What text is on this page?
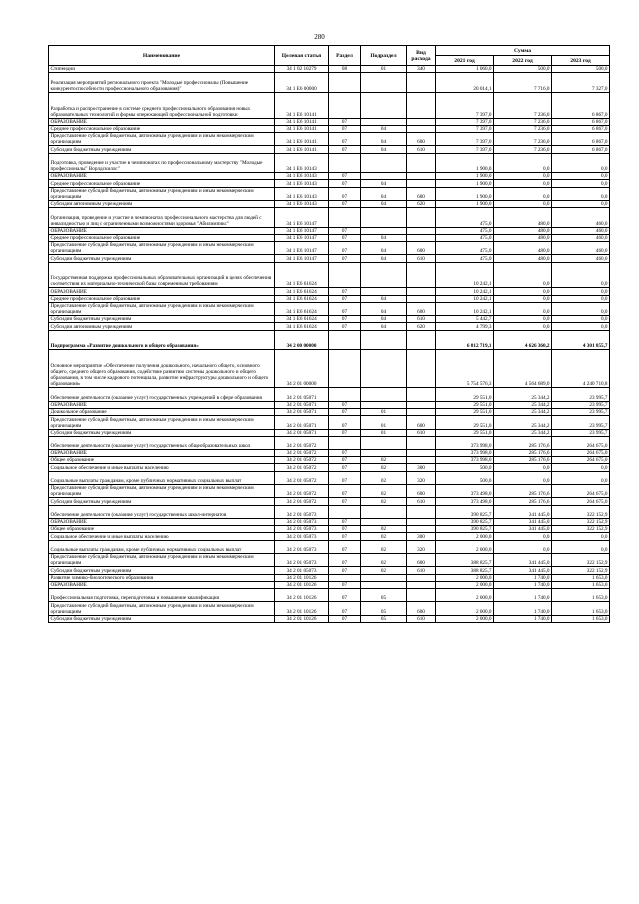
280
Наименование	Целевая статья	Раздел	Подраздел	Вид расхода	Сумма		
					2021 год	2022 год	2023 год
Стипендии	34 1 02 10279	08	01	340	1 060,0	500,0	500,0
Реализация мероприятий регионального проекта "Молодые профессионалы (Повышение конкурентоспособности профессионального образования)"	34 1 Е6 00000				20 014,1	7 716,0	7 327,0
Разработка и распространение в системе среднего профессионального образования новых образовательных технологий и формы опережающей профессиональной подготовки	34 1 Е6 10141				7 397,0	7 236,0	6 867,0
ОБРАЗОВАНИЕ	34 1 Е6 10141	07			7 397,0	7 236,0	6 867,0
Среднее профессиональное образование	34 1 Е6 10141	07	04		7 397,0	7 236,0	6 867,0
Предоставление субсидий бюджетным, автономным учреждениям и иным некоммерческим организациям	34 1 Е6 10141	07	04	600	7 397,0	7 236,0	6 867,0
Субсидии бюджетным учреждениям	34 1 Е6 10141	07	04	610	7 397,0	7 236,0	6 867,0
Подготовка, проведение и участие в чемпионатах по профессиональному мастерству "Молодые профессионалы" Ворлдскиллс"	34 1 Е6 10143				1 900,0	0,0	0,0
ОБРАЗОВАНИЕ	34 1 Е6 10143	07			1 900,0	0,0	0,0
Среднее профессиональное образование	34 1 Е6 10143	07	04		1 900,0	0,0	0,0
Предоставление субсидий бюджетным, автономным учреждениям и иным некоммерческим организациям	34 1 Е6 10143	07	04	600	1 900,0	0,0	0,0
Субсидии автономным учреждениям	34 1 Е6 10143	07	04	620	1 900,0	0,0	0,0
Организация, проведение и участие в чемпионатах профессионального мастерства для людей с инвалидностью и лиц с ограниченными возможностями здоровья "Абилимпикс"	34 1 Е6 10147				475,0	480,0	460,0
ОБРАЗОВАНИЕ	34 1 Е6 10147	07			475,0	480,0	460,0
Среднее профессиональное образование	34 1 Е6 10147	07	04		475,0	480,0	460,0
Предоставление субсидий бюджетным, автономным учреждениям и иным некоммерческим организациям	34 1 Е6 10147	07	04	600	475,0	480,0	460,0
Субсидии бюджетным учреждениям	34 1 Е6 10147	07	04	610	475,0	480,0	460,0
Государственная поддержка профессиональных образовательных организаций в целях обеспечения соответствия их материально-технической базы современным требованиям	34 1 Е6 61624				10 242,1	0,0	0,0
ОБРАЗОВАНИЕ	34 1 Е6 61624	07			10 242,1	0,0	0,0
Среднее профессиональное образование	34 1 Е6 61624	07	04		10 242,1	0,0	0,0
Предоставление субсидий бюджетным, автономным учреждениям и иным некоммерческим организациям	34 1 Е6 61624	07	04	600	10 242,1	0,0	0,0
Субсидии бюджетным учреждениям	34 1 Е6 61624	07	04	610	5 442,7	0,0	0,0
Субсидии автономным учреждениям	34 1 Е6 61624	07	04	620	4 799,3	0,0	0,0
Подпрограмма «Развитие дошкольного и общего образования»	34 2 00 00000				6 812 719,1	4 626 360,2	4 301 855,7
Основное мероприятие «Обеспечение получения дошкольного, начального общего, основного общего, среднего общего образования, содействие развитию системы дошкольного и общего образования, в том числе кадрового потенциала, развитие инфраструктуры дошкольного и общего образования»	34 2 01 00000				5 754 576,3	4 564 689,0	4 240 710,8
Обеспечение деятельности (оказание услуг) государственных учреждений в сфере образования	34 2 01 05071				29 551,0	25 344,2	23 995,7
ОБРАЗОВАНИЕ	34 2 01 05071	07			29 551,0	25 344,2	23 995,7
Дошкольное образование	34 2 01 05071	07	01		29 551,0	25 344,2	23 995,7
Предоставление субсидий бюджетным, автономным учреждениям и иным некоммерческим организациям	34 2 01 05071	07	01	600	29 551,0	25 344,2	23 995,7
Субсидии бюджетным учреждениям	34 2 01 05071	07	01	610	29 551,0	25 344,2	23 995,7
Обеспечение деятельности (оказание услуг) государственных общеобразовательных школ	34 2 01 05072				373 998,0	285 176,6	264 675,0
ОБРАЗОВАНИЕ	34 2 01 05072	07			373 998,0	285 176,6	264 675,0
Общее образование	34 2 01 05072	07	02		373 998,0	285 176,6	264 675,0
Социальное обеспечение и иные выплаты населению	34 2 01 05072	07	02	300	500,0	0,0	0,0
Социальные выплаты гражданам, кроме публичных нормативных социальных выплат	34 2 01 05072	07	02	320	500,0	0,0	0,0
Предоставление субсидий бюджетным, автономным учреждениям и иным некоммерческим организациям	34 2 01 05072	07	02	600	373 498,0	285 176,6	264 675,0
Субсидии бюджетным учреждениям	34 2 01 05072	07	02	610	373 498,0	285 176,6	264 675,0
Обеспечение деятельности (оказание услуг) государственных школ-интернатов	34 2 01 05073				390 825,7	341 445,0	322 152,9
ОБРАЗОВАНИЕ	34 2 01 05073	07			390 825,7	341 445,0	322 152,9
Общее образование	34 2 01 05073	07	02		390 825,7	341 445,0	322 152,9
Социальное обеспечение и иные выплаты населению	34 2 01 05073	07	02	300	2 000,0	0,0	0,0
Социальные выплаты гражданам, кроме публичных нормативных социальных выплат	34 2 01 05073	07	02	320	2 000,0	0,0	0,0
Предоставление субсидий бюджетным, автономным учреждениям и иным некоммерческим организациям	34 2 01 05073	07	02	600	388 825,7	341 445,0	322 152,9
Субсидии бюджетным учреждениям	34 2 01 05073	07	02	610	388 825,7	341 445,0	322 152,9
Развитие химико-биологического образования	34 2 01 10126				2 000,0	1 740,0	1 653,0
ОБРАЗОВАНИЕ	34 2 01 10126	07			2 000,0	1 740,0	1 653,0
Профессиональная подготовка, переподготовка и повышение квалификации	34 2 01 10126	07	05		2 000,0	1 740,0	1 653,0
Предоставление субсидий бюджетным, автономным учреждениям и иным некоммерческим организациям	34 2 01 10126	07	05	600	2 000,0	1 740,0	1 653,0
Субсидии бюджетным учреждениям	34 2 01 10126	07	05	610	2 000,0	1 740,0	1 653,0
